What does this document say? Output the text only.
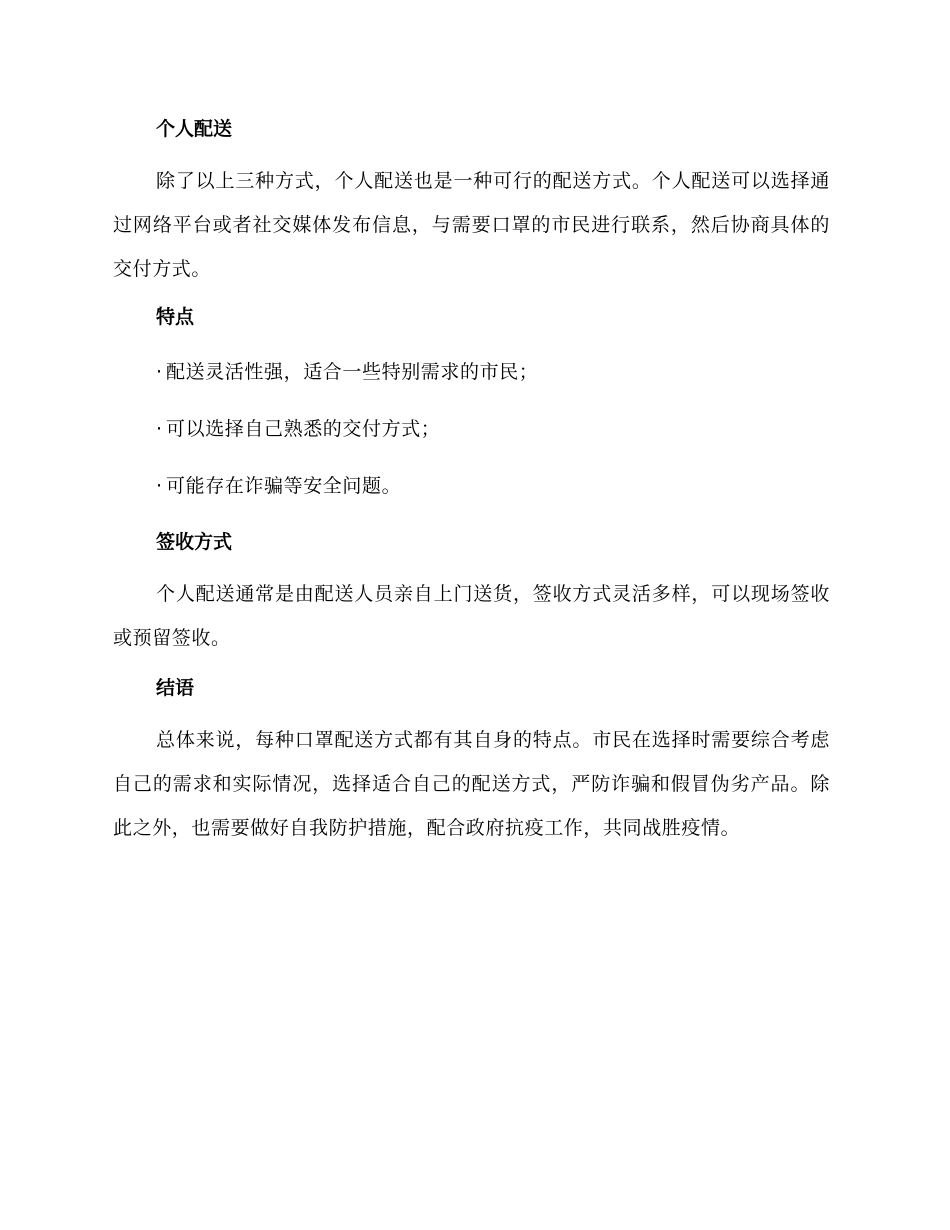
个人配送
除了以上三种方式，个人配送也是一种可行的配送方式。个人配送可以选择通过网络平台或者社交媒体发布信息，与需要口罩的市民进行联系，然后协商具体的交付方式。
特点
· 配送灵活性强，适合一些特别需求的市民；
· 可以选择自己熟悉的交付方式；
· 可能存在诈骗等安全问题。
签收方式
个人配送通常是由配送人员亲自上门送货，签收方式灵活多样，可以现场签收或预留签收。
结语
总体来说，每种口罩配送方式都有其自身的特点。市民在选择时需要综合考虑自己的需求和实际情况，选择适合自己的配送方式，严防诈骗和假冒伪劣产品。除此之外，也需要做好自我防护措施，配合政府抗疫工作，共同战胜疫情。
